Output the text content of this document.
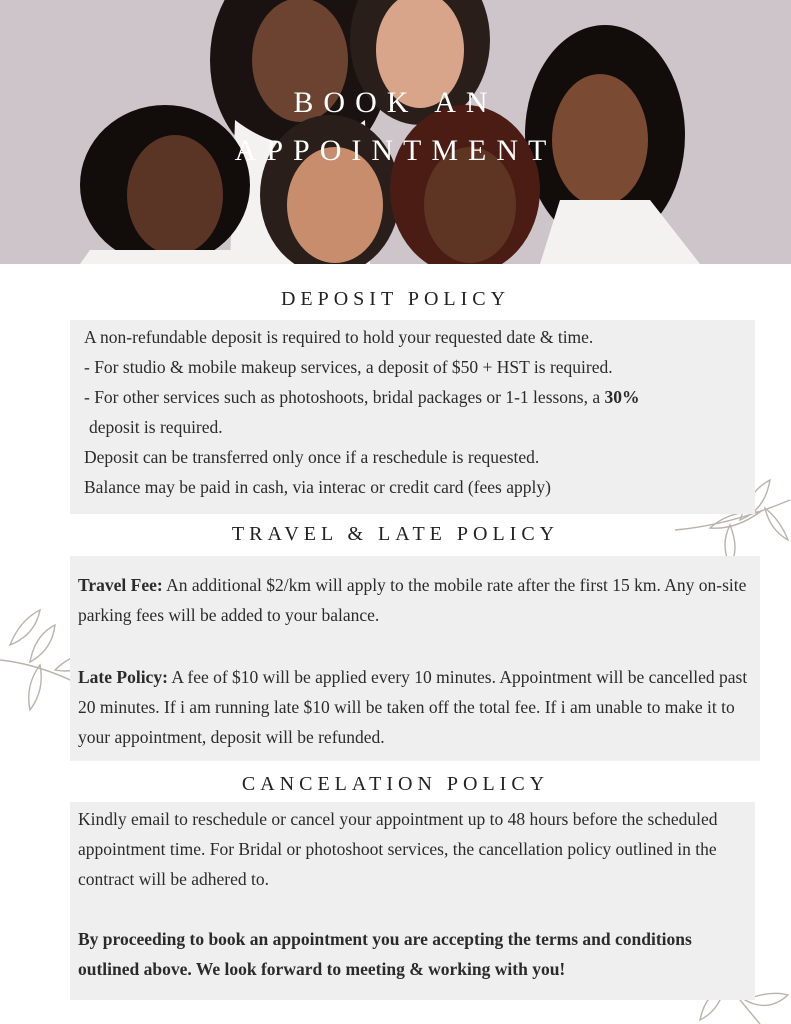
BOOK AN
APPOINTMENT
DEPOSIT POLICY

A non-refundable deposit is required to hold your requested date & time.

- For studio & mobile makeup services, a deposit of $50 + HST is required.

- For other services such as photoshoots, bridal packages or 1-1 lessons, a 30%

deposit is required.

Deposit can be transferred only once if a reschedule is requested.

Balance may be paid in cash, via interac or credit card (fees apply)

TRAVEL & LATE POLICY

Travel Fee: An additional $2/km will apply to the mobile rate after the first 15 km. Any on-site parking fees will be added to your balance.

Late Policy: A fee of $10 will be applied every 10 minutes. Appointment will be cancelled past 20 minutes. If i am running late $10 will be taken off the total fee. If i am unable to make it to your appointment, deposit will be refunded.

CANCELATION POLICY

Kindly email to reschedule or cancel your appointment up to 48 hours before the scheduled appointment time. For Bridal or photoshoot services, the cancellation policy outlined in the contract will be adhered to.

By proceeding to book an appointment you are accepting the terms and conditions outlined above. We look forward to meeting & working with you!
